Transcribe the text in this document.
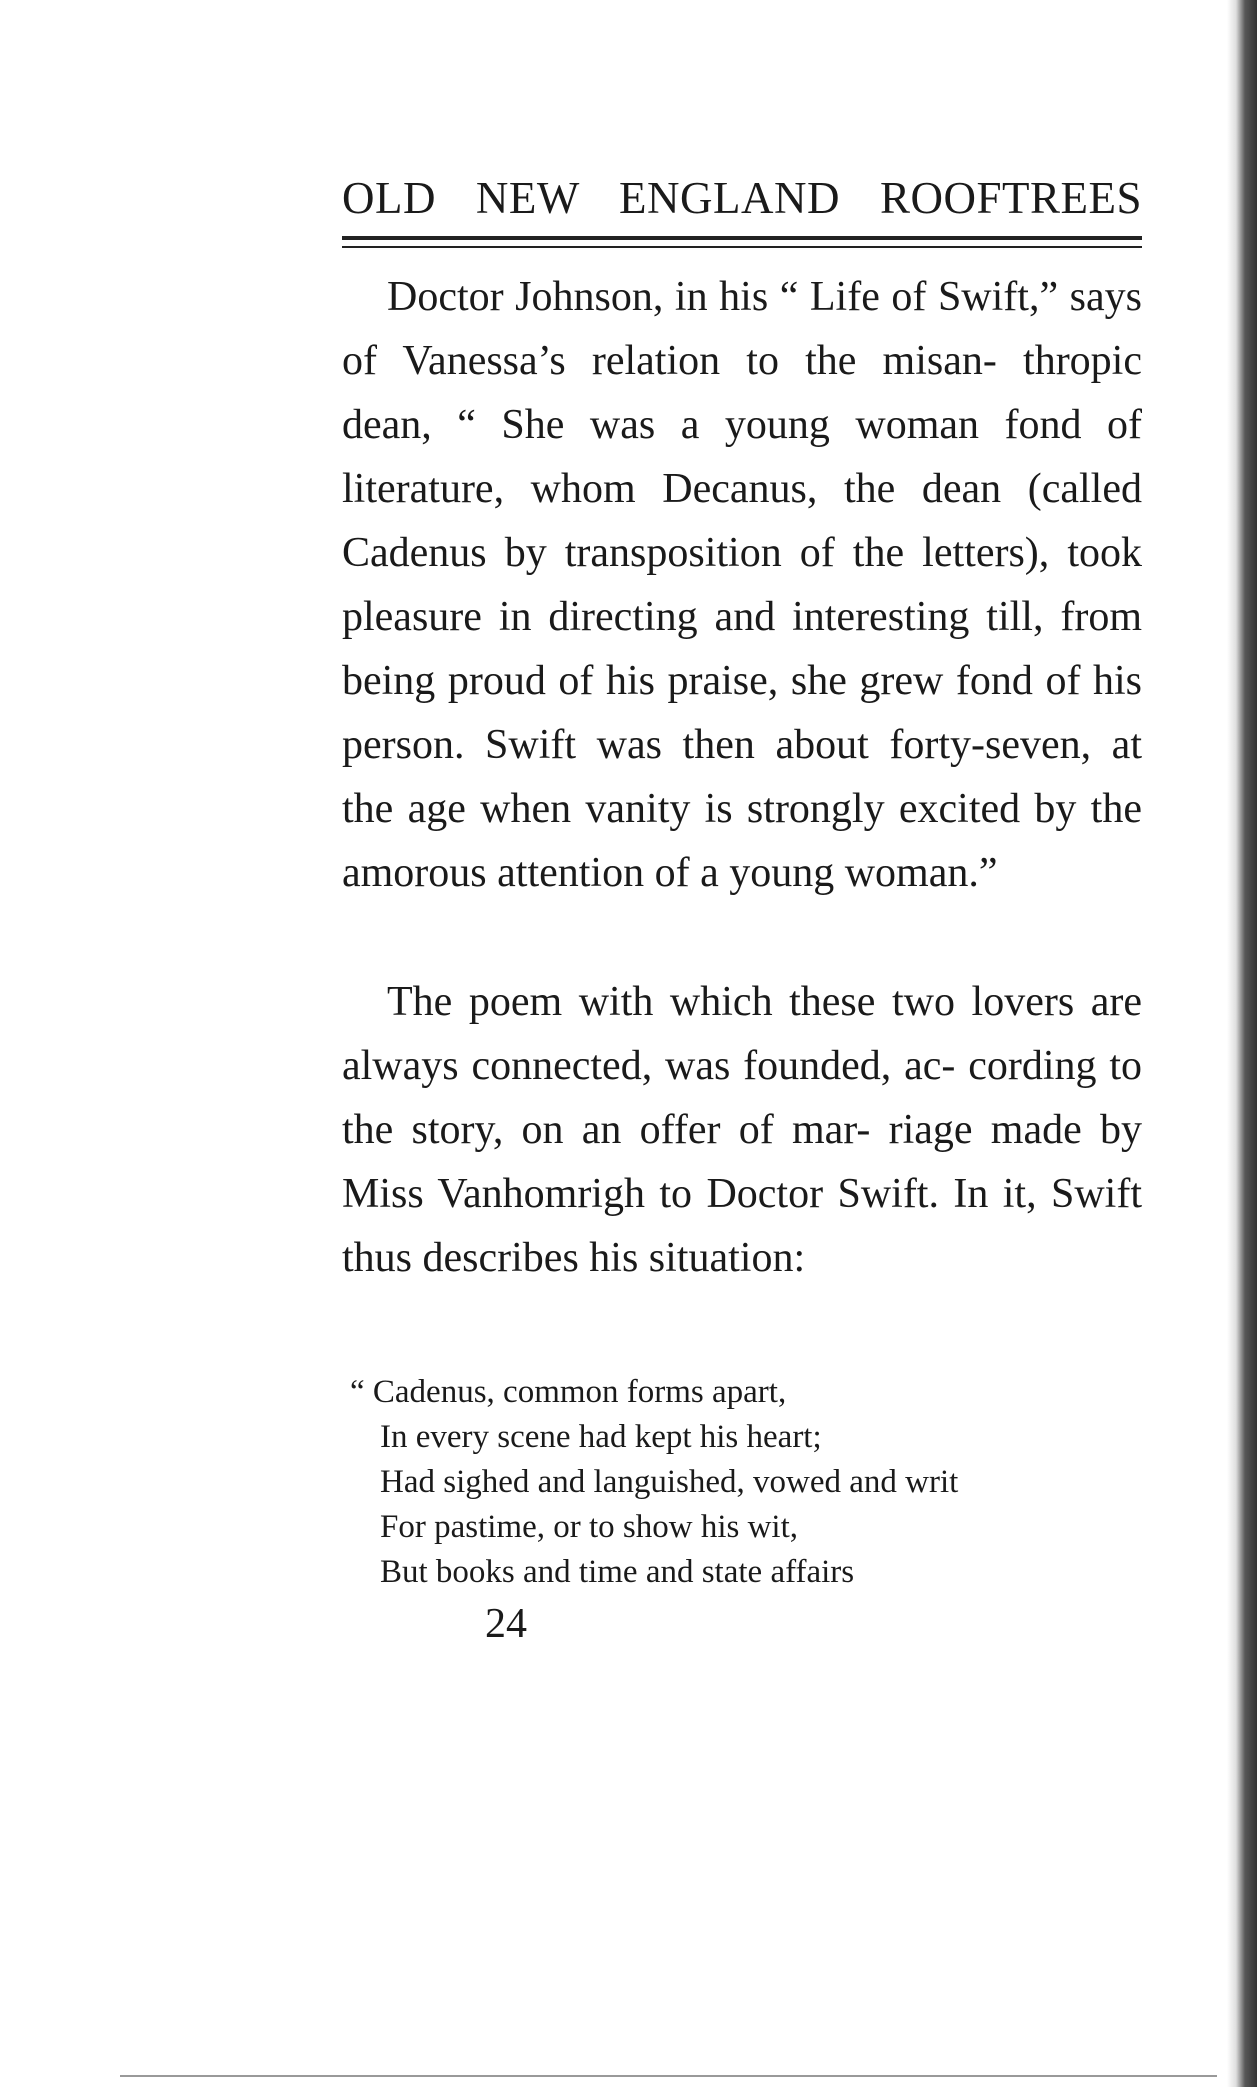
OLD NEW ENGLAND ROOFTREES

Doctor Johnson, in his “ Life of Swift,” says of Vanessa’s relation to the misan- thropic dean, “ She was a young woman fond of literature, whom Decanus, the dean (called Cadenus by transposition of the letters), took pleasure in directing and interesting till, from being proud of his praise, she grew fond of his person. Swift was then about forty-seven, at the age when vanity is strongly excited by the amorous attention of a young woman.”

The poem with which these two lovers are always connected, was founded, ac- cording to the story, on an offer of mar- riage made by Miss Vanhomrigh to Doctor Swift. In it, Swift thus describes his situation:

“ Cadenus, common forms apart,
In every scene had kept his heart;
Had sighed and languished, vowed and writ
For pastime, or to show his wit,
But books and time and state affairs
24
